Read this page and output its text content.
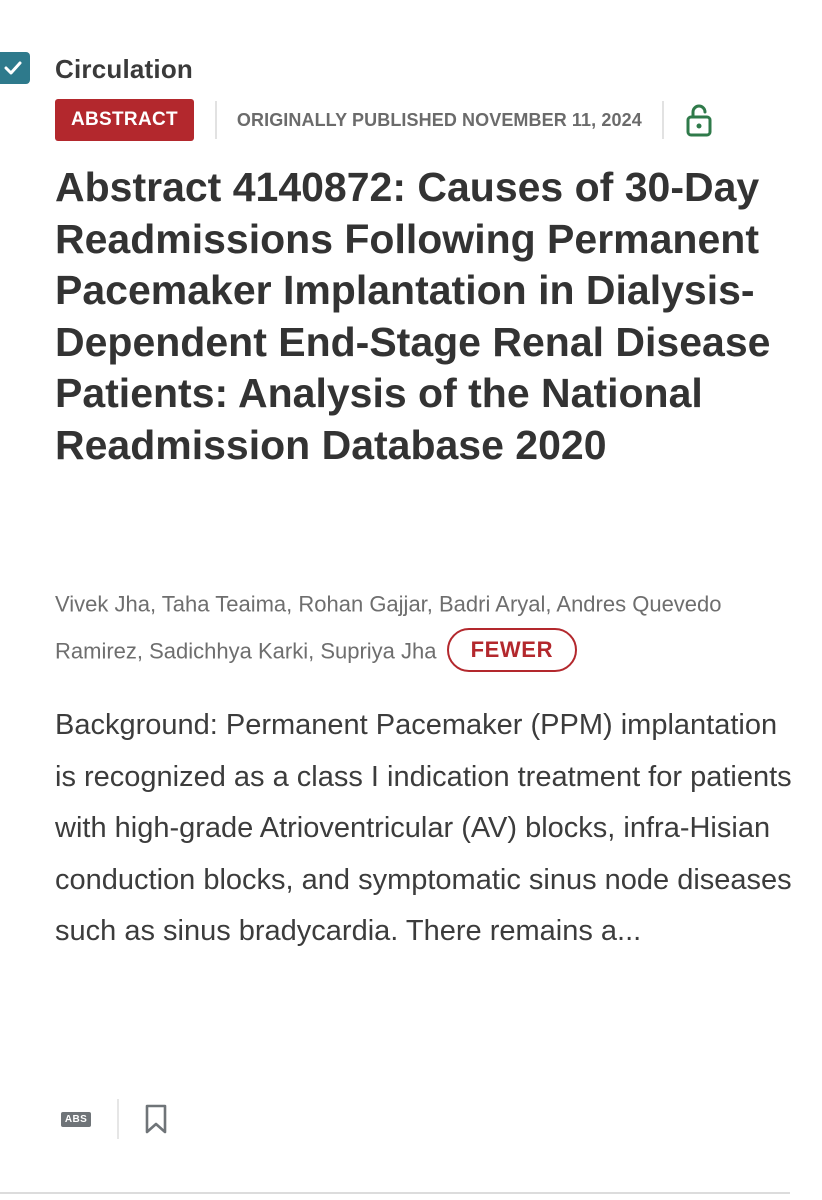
Circulation
ABSTRACT	ORIGINALLY PUBLISHED NOVEMBER 11, 2024
Abstract 4140872: Causes of 30-Day Readmissions Following Permanent Pacemaker Implantation in Dialysis-Dependent End-Stage Renal Disease Patients: Analysis of the National Readmission Database 2020
Vivek Jha, Taha Teaima, Rohan Gajjar, Badri Aryal, Andres Quevedo Ramirez, Sadichhya Karki, Supriya Jha FEWER

Background: Permanent Pacemaker (PPM) implantation is recognized as a class I indication treatment for patients with high-grade Atrioventricular (AV) blocks, infra-Hisian conduction blocks, and symptomatic sinus node diseases such as sinus bradycardia. There remains a...

ABS
